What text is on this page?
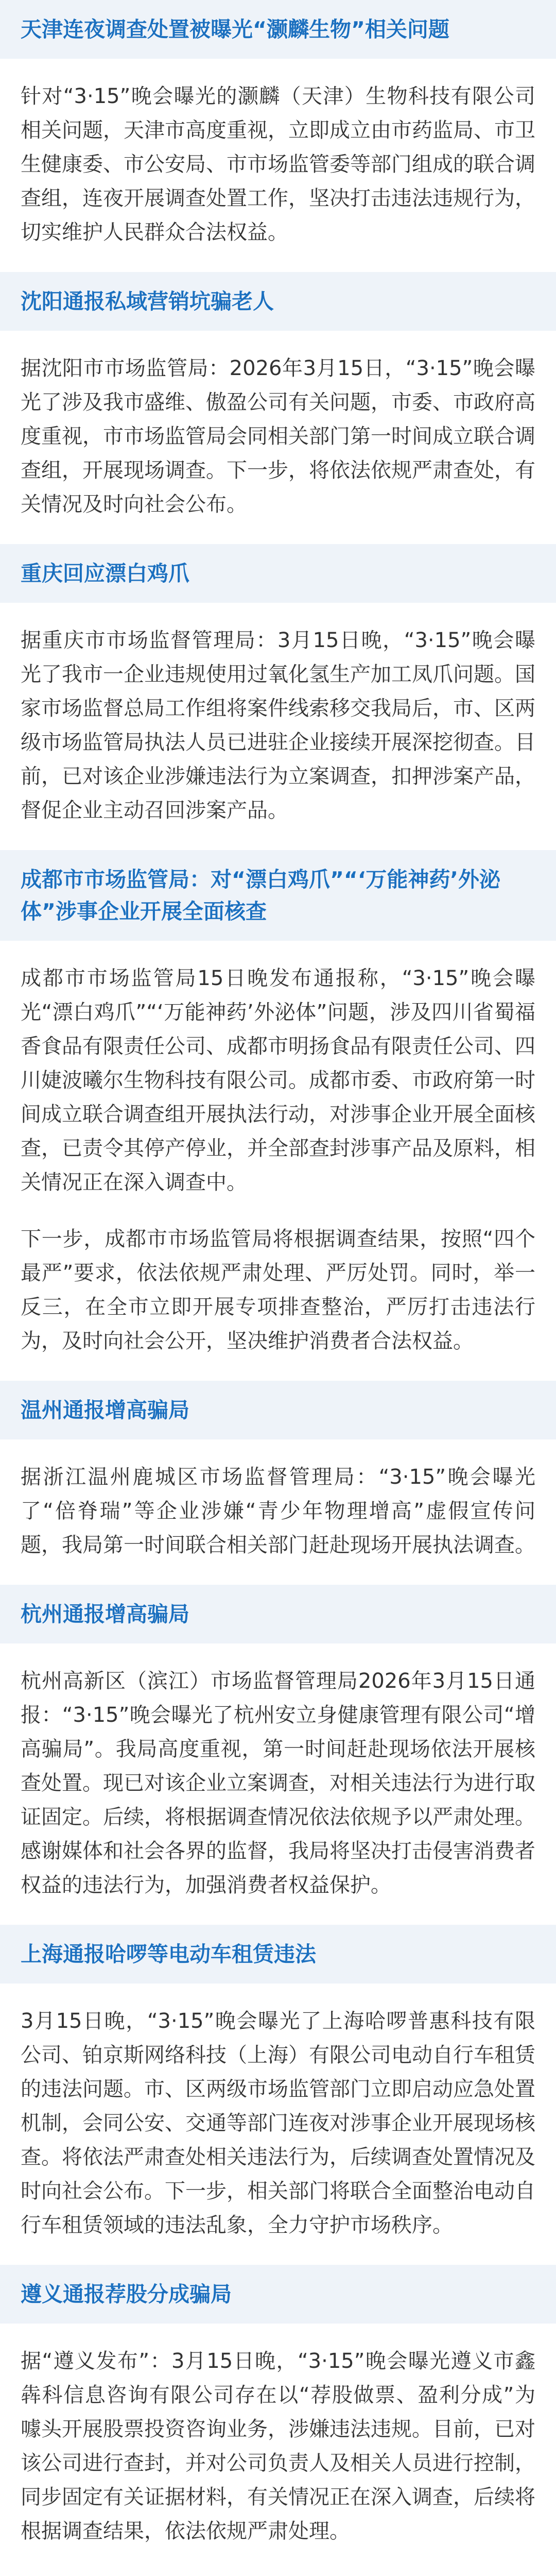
天津连夜调查处置被曝光“灏麟生物”相关问题

针对“3·15”晚会曝光的灏麟（天津）生物科技有限公司相关问题，天津市高度重视，立即成立由市药监局、市卫生健康委、市公安局、市市场监管委等部门组成的联合调查组，连夜开展调查处置工作，坚决打击违法违规行为，切实维护人民群众合法权益。

沈阳通报私域营销坑骗老人

据沈阳市市场监管局：2026年3月15日，“3·15”晚会曝光了涉及我市盛维、傲盈公司有关问题，市委、市政府高度重视，市市场监管局会同相关部门第一时间成立联合调查组，开展现场调查。下一步，将依法依规严肃查处，有关情况及时向社会公布。

重庆回应漂白鸡爪

据重庆市市场监督管理局：3月15日晚，“3·15”晚会曝光了我市一企业违规使用过氧化氢生产加工凤爪问题。国家市场监督总局工作组将案件线索移交我局后，市、区两级市场监管局执法人员已进驻企业接续开展深挖彻查。目前，已对该企业涉嫌违法行为立案调查，扣押涉案产品，督促企业主动召回涉案产品。

成都市市场监管局：对“漂白鸡爪”“‘万能神药’外泌体”涉事企业开展全面核查

成都市市场监管局15日晚发布通报称，“3·15”晚会曝光“漂白鸡爪”“‘万能神药’外泌体”问题，涉及四川省蜀福香食品有限责任公司、成都市明扬食品有限责任公司、四川婕波曦尔生物科技有限公司。成都市委、市政府第一时间成立联合调查组开展执法行动，对涉事企业开展全面核查，已责令其停产停业，并全部查封涉事产品及原料，相关情况正在深入调查中。

下一步，成都市市场监管局将根据调查结果，按照“四个最严”要求，依法依规严肃处理、严厉处罚。同时，举一反三，在全市立即开展专项排查整治，严厉打击违法行为，及时向社会公开，坚决维护消费者合法权益。

温州通报增高骗局

据浙江温州鹿城区市场监督管理局：“3·15”晚会曝光了“倍脊瑞”等企业涉嫌“青少年物理增高”虚假宣传问题，我局第一时间联合相关部门赶赴现场开展执法调查。

杭州通报增高骗局

杭州高新区（滨江）市场监督管理局2026年3月15日通报：“3·15”晚会曝光了杭州安立身健康管理有限公司“增高骗局”。我局高度重视，第一时间赶赴现场依法开展核查处置。现已对该企业立案调查，对相关违法行为进行取证固定。后续，将根据调查情况依法依规予以严肃处理。感谢媒体和社会各界的监督，我局将坚决打击侵害消费者权益的违法行为，加强消费者权益保护。

上海通报哈啰等电动车租赁违法

3月15日晚，“3·15”晚会曝光了上海哈啰普惠科技有限公司、铂京斯网络科技（上海）有限公司电动自行车租赁的违法问题。市、区两级市场监管部门立即启动应急处置机制，会同公安、交通等部门连夜对涉事企业开展现场核查。将依法严肃查处相关违法行为，后续调查处置情况及时向社会公布。下一步，相关部门将联合全面整治电动自行车租赁领域的违法乱象，全力守护市场秩序。

遵义通报荐股分成骗局

据“遵义发布”：3月15日晚，“3·15”晚会曝光遵义市鑫犇科信息咨询有限公司存在以“荐股做票、盈利分成”为噱头开展股票投资咨询业务，涉嫌违法违规。目前，已对该公司进行查封，并对公司负责人及相关人员进行控制，同步固定有关证据材料，有关情况正在深入调查，后续将根据调查结果，依法依规严肃处理。
